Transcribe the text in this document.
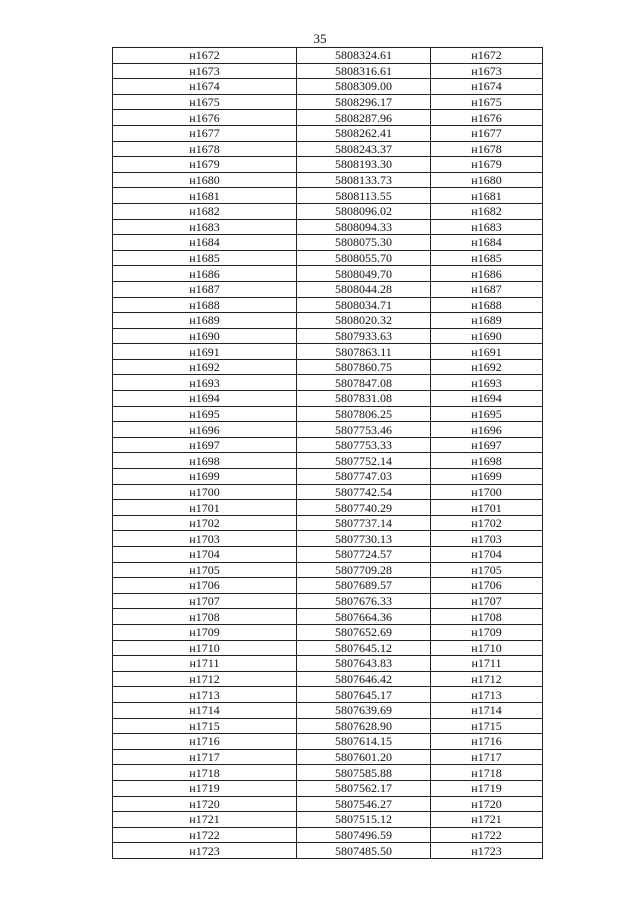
35
н1672	5808324.61	н1672
н1673	5808316.61	н1673
н1674	5808309.00	н1674
н1675	5808296.17	н1675
н1676	5808287.96	н1676
н1677	5808262.41	н1677
н1678	5808243.37	н1678
н1679	5808193.30	н1679
н1680	5808133.73	н1680
н1681	5808113.55	н1681
н1682	5808096.02	н1682
н1683	5808094.33	н1683
н1684	5808075.30	н1684
н1685	5808055.70	н1685
н1686	5808049.70	н1686
н1687	5808044.28	н1687
н1688	5808034.71	н1688
н1689	5808020.32	н1689
н1690	5807933.63	н1690
н1691	5807863.11	н1691
н1692	5807860.75	н1692
н1693	5807847.08	н1693
н1694	5807831.08	н1694
н1695	5807806.25	н1695
н1696	5807753.46	н1696
н1697	5807753.33	н1697
н1698	5807752.14	н1698
н1699	5807747.03	н1699
н1700	5807742.54	н1700
н1701	5807740.29	н1701
н1702	5807737.14	н1702
н1703	5807730.13	н1703
н1704	5807724.57	н1704
н1705	5807709.28	н1705
н1706	5807689.57	н1706
н1707	5807676.33	н1707
н1708	5807664.36	н1708
н1709	5807652.69	н1709
н1710	5807645.12	н1710
н1711	5807643.83	н1711
н1712	5807646.42	н1712
н1713	5807645.17	н1713
н1714	5807639.69	н1714
н1715	5807628.90	н1715
н1716	5807614.15	н1716
н1717	5807601.20	н1717
н1718	5807585.88	н1718
н1719	5807562.17	н1719
н1720	5807546.27	н1720
н1721	5807515.12	н1721
н1722	5807496.59	н1722
н1723	5807485.50	н1723
